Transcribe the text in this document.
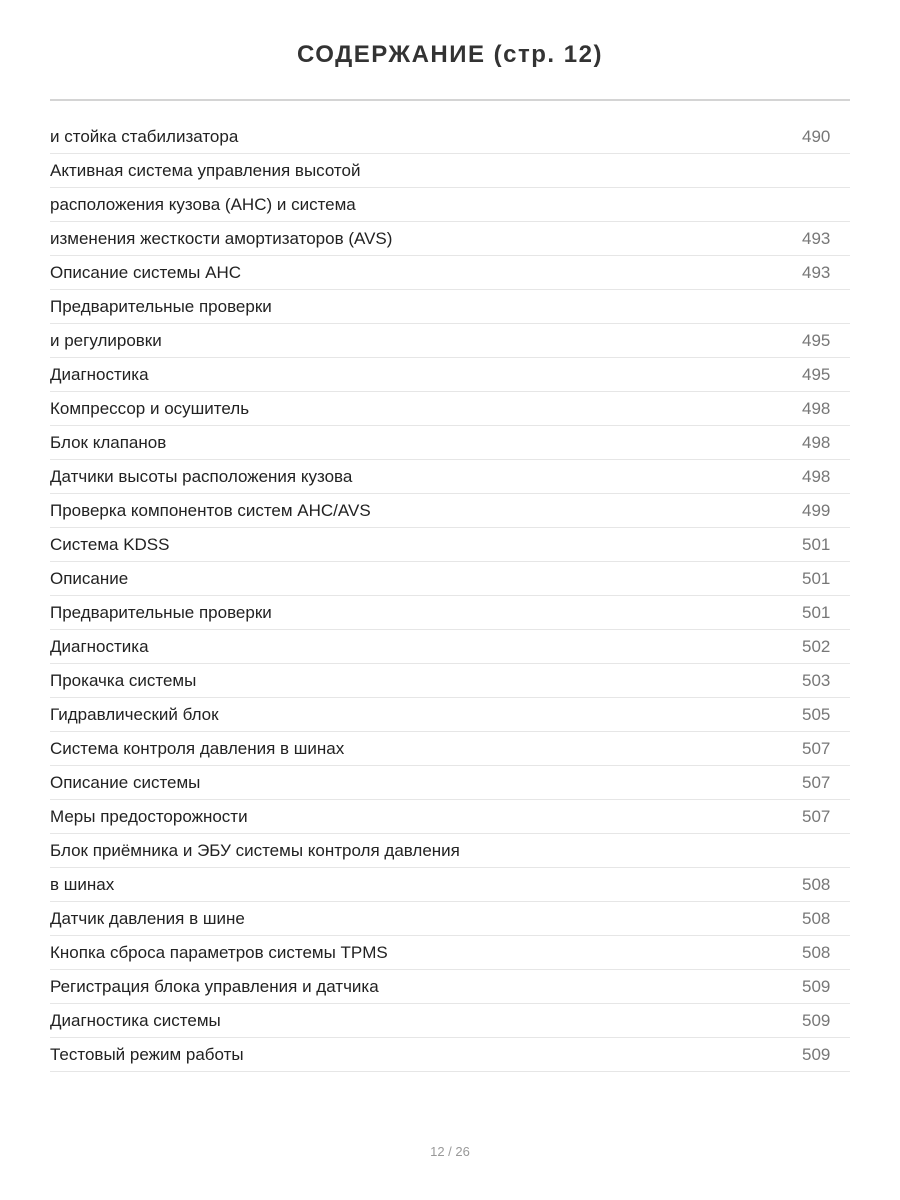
СОДЕРЖАНИЕ (стр. 12)
и стойка стабилизатора	490
Активная система управления высотой
расположения кузова (AHC) и система
изменения жесткости амортизаторов (AVS)	493
Описание системы AHC	493
Предварительные проверки
и регулировки	495
Диагностика	495
Компрессор и осушитель	498
Блок клапанов	498
Датчики высоты расположения кузова	498
Проверка компонентов систем AHC/AVS	499
Система KDSS	501
Описание	501
Предварительные проверки	501
Диагностика	502
Прокачка системы	503
Гидравлический блок	505
Система контроля давления в шинах	507
Описание системы	507
Меры предосторожности	507
Блок приёмника и ЭБУ системы контроля давления
в шинах	508
Датчик давления в шине	508
Кнопка сброса параметров системы TPMS	508
Регистрация блока управления и датчика	509
Диагностика системы	509
Тестовый режим работы	509
12 / 26
